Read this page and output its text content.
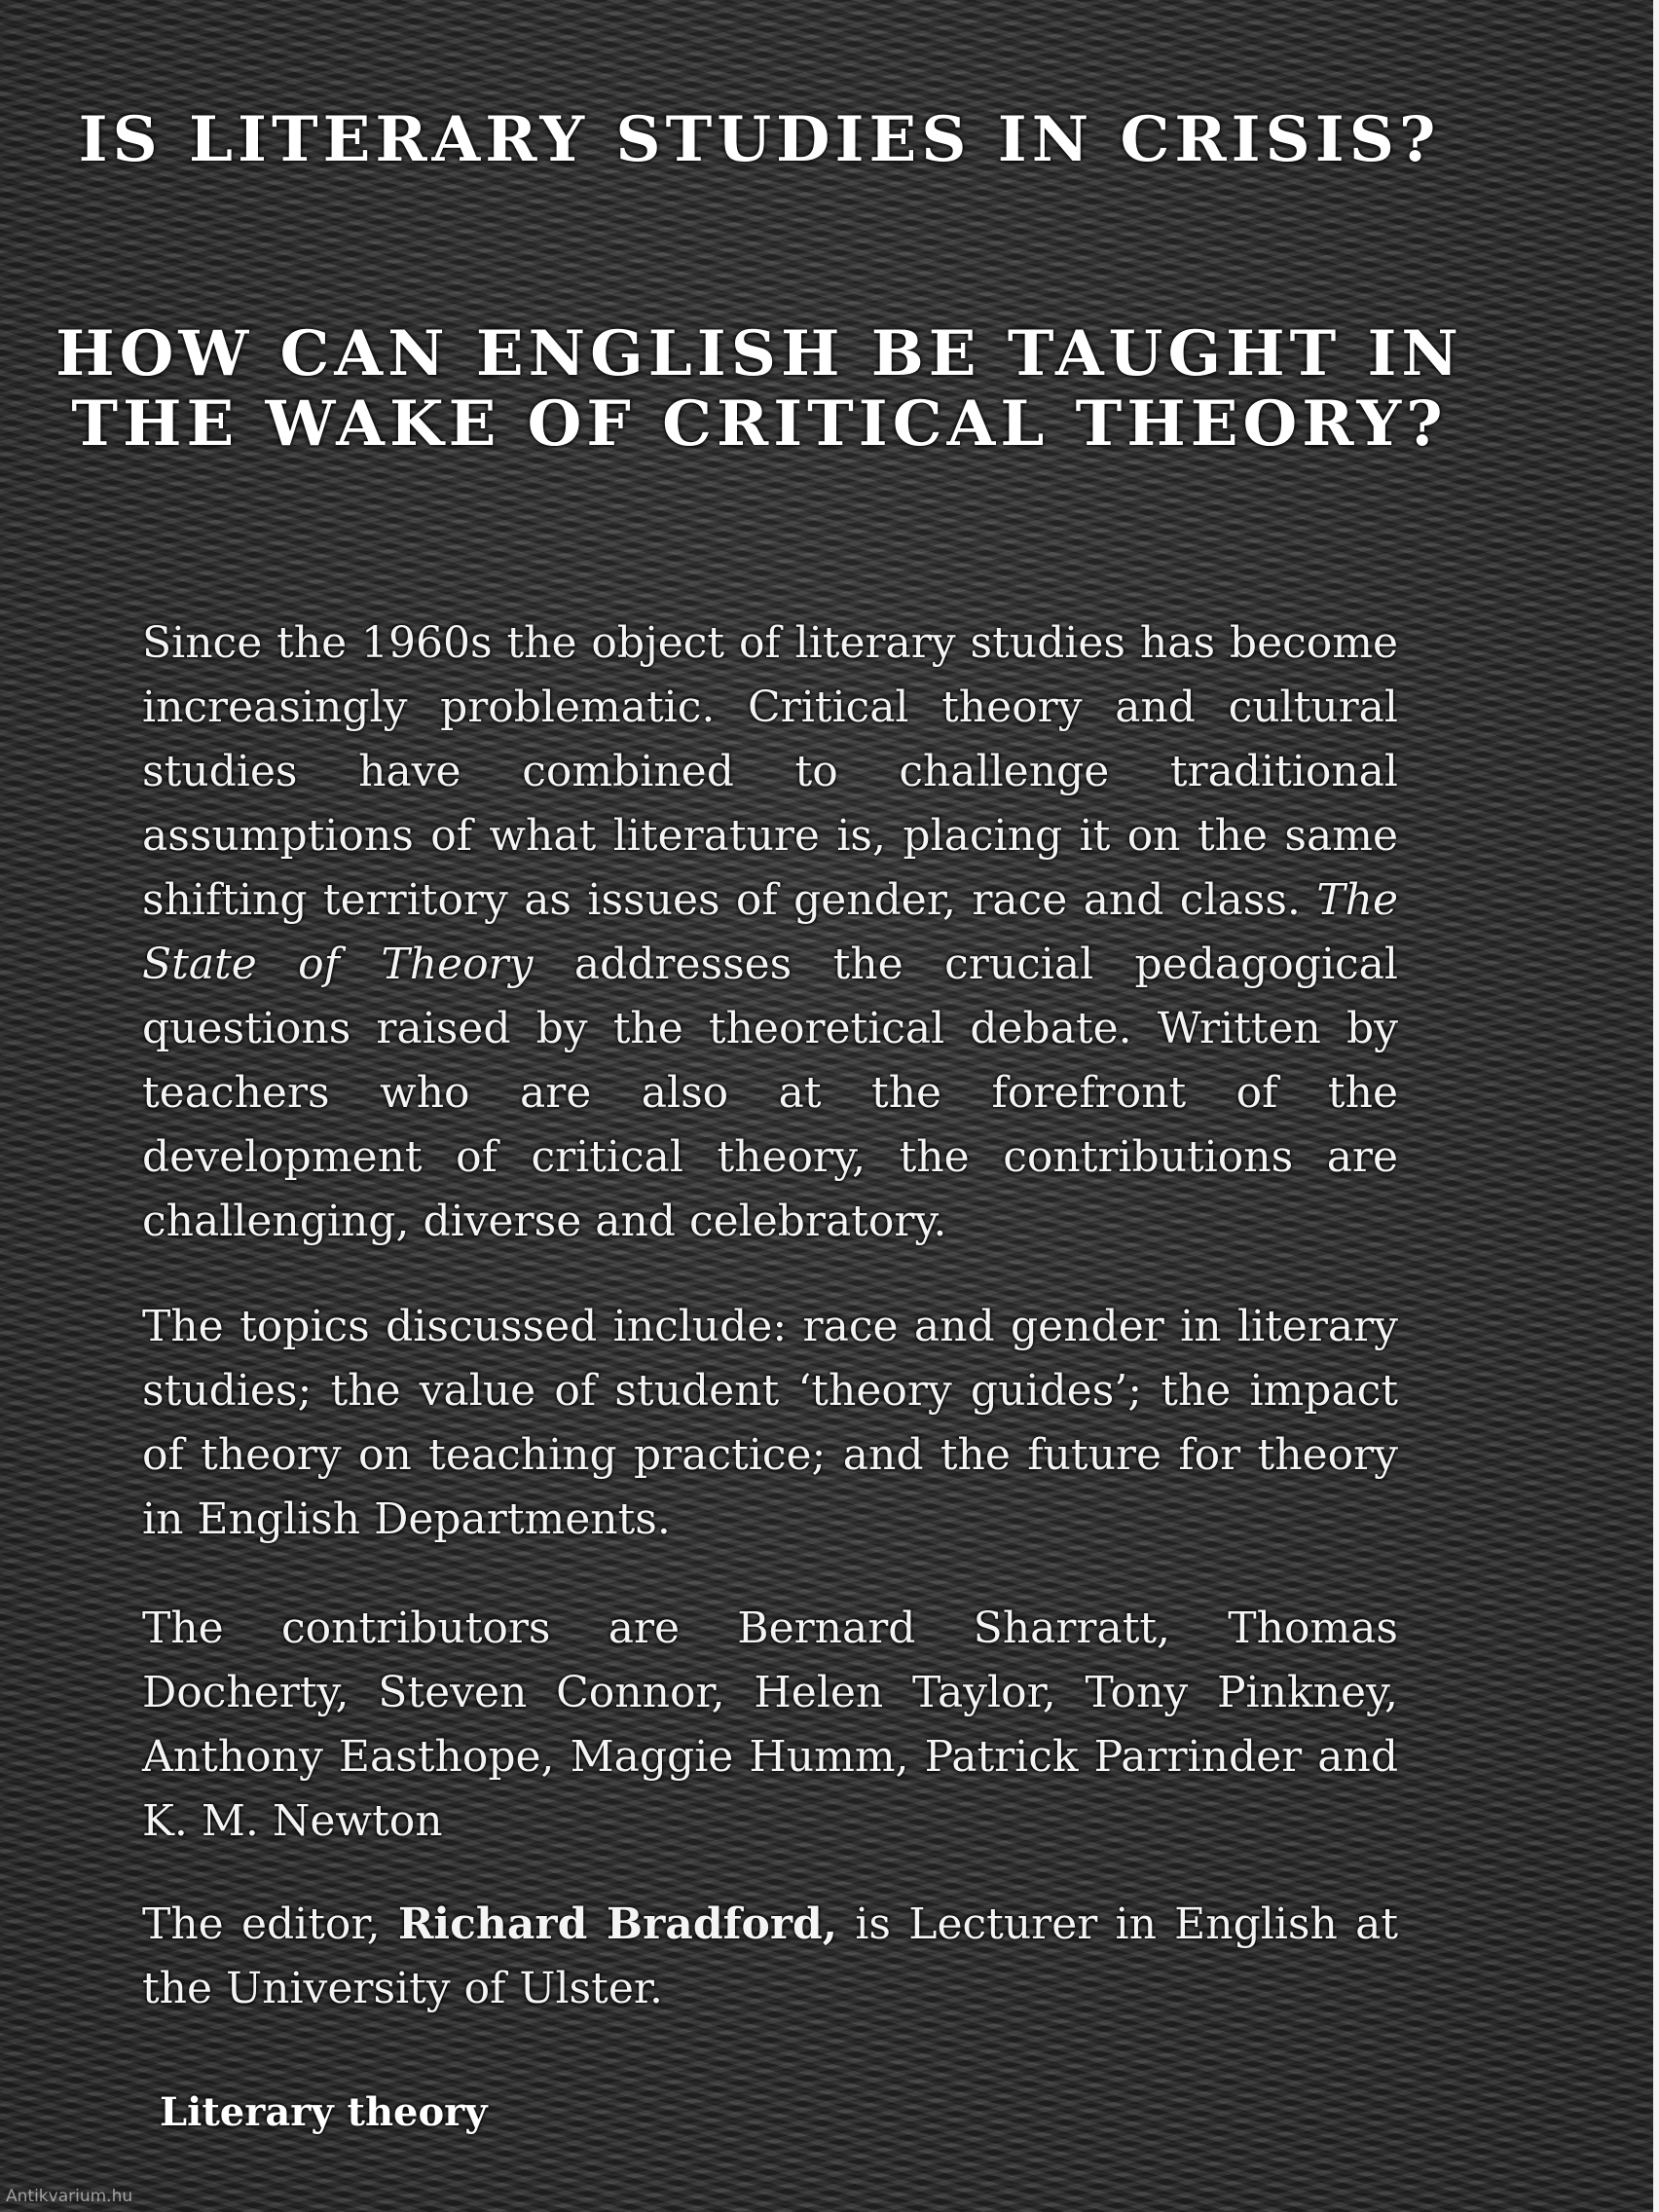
IS LITERARY STUDIES IN CRISIS?
HOW CAN ENGLISH BE TAUGHT IN THE WAKE OF CRITICAL THEORY?

Since the 1960s the object of literary studies has become increasingly problematic. Critical theory and cultural studies have combined to challenge traditional assumptions of what literature is, placing it on the same shifting territory as issues of gender, race and class. The State of Theory addresses the crucial pedagogical questions raised by the theoretical debate. Written by teachers who are also at the forefront of the development of critical theory, the contributions are challenging, diverse and celebratory.

The topics discussed include: race and gender in literary studies; the value of student ‘theory guides’; the impact of theory on teaching practice; and the future for theory in English Departments.

The contributors are Bernard Sharratt, Thomas Docherty, Steven Connor, Helen Taylor, Tony Pinkney, Anthony Easthope, Maggie Humm, Patrick Parrinder and K. M. Newton

The editor, Richard Bradford, is Lecturer in English at the University of Ulster.

Literary theory

Antikvarium.hu
